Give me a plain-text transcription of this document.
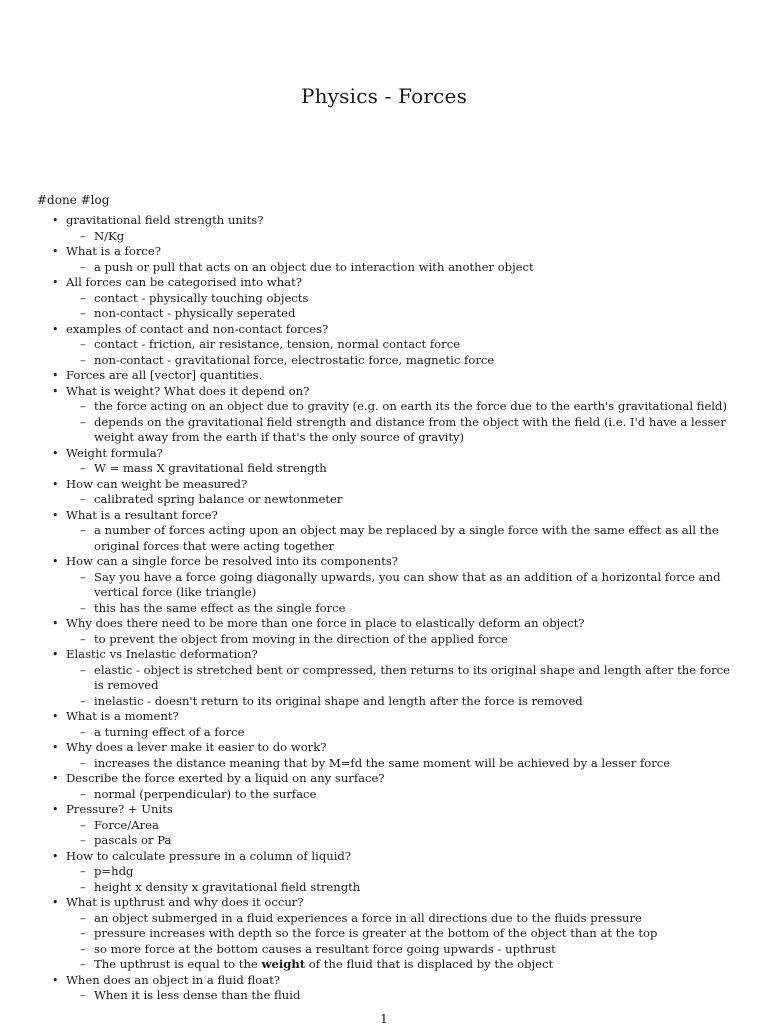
Physics - Forces
#done #log
• gravitational field strength units?
– N/Kg
• What is a force?
– a push or pull that acts on an object due to interaction with another object
• All forces can be categorised into what?
– contact - physically touching objects
– non-contact - physically seperated
• examples of contact and non-contact forces?
– contact - friction, air resistance, tension, normal contact force
– non-contact - gravitational force, electrostatic force, magnetic force
• Forces are all [vector] quantities.
• What is weight? What does it depend on?
– the force acting on an object due to gravity (e.g. on earth its the force due to the earth's gravitational field)
– depends on the gravitational field strength and distance from the object with the field (i.e. I'd have a lesser weight away from the earth if that's the only source of gravity)
• Weight formula?
– W = mass X gravitational field strength
• How can weight be measured?
– calibrated spring balance or newtonmeter
• What is a resultant force?
– a number of forces acting upon an object may be replaced by a single force with the same effect as all the original forces that were acting together
• How can a single force be resolved into its components?
– Say you have a force going diagonally upwards, you can show that as an addition of a horizontal force and vertical force (like triangle)
– this has the same effect as the single force
• Why does there need to be more than one force in place to elastically deform an object?
– to prevent the object from moving in the direction of the applied force
• Elastic vs Inelastic deformation?
– elastic - object is stretched bent or compressed, then returns to its original shape and length after the force is removed
– inelastic - doesn't return to its original shape and length after the force is removed
• What is a moment?
– a turning effect of a force
• Why does a lever make it easier to do work?
– increases the distance meaning that by M=fd the same moment will be achieved by a lesser force
• Describe the force exerted by a liquid on any surface?
– normal (perpendicular) to the surface
• Pressure? + Units
– Force/Area
– pascals or Pa
• How to calculate pressure in a column of liquid?
– p=hdg
– height x density x gravitational field strength
• What is upthrust and why does it occur?
– an object submerged in a fluid experiences a force in all directions due to the fluids pressure
– pressure increases with depth so the force is greater at the bottom of the object than at the top
– so more force at the bottom causes a resultant force going upwards - upthrust
– The upthrust is equal to the weight of the fluid that is displaced by the object
• When does an object in a fluid float?
– When it is less dense than the fluid
1
